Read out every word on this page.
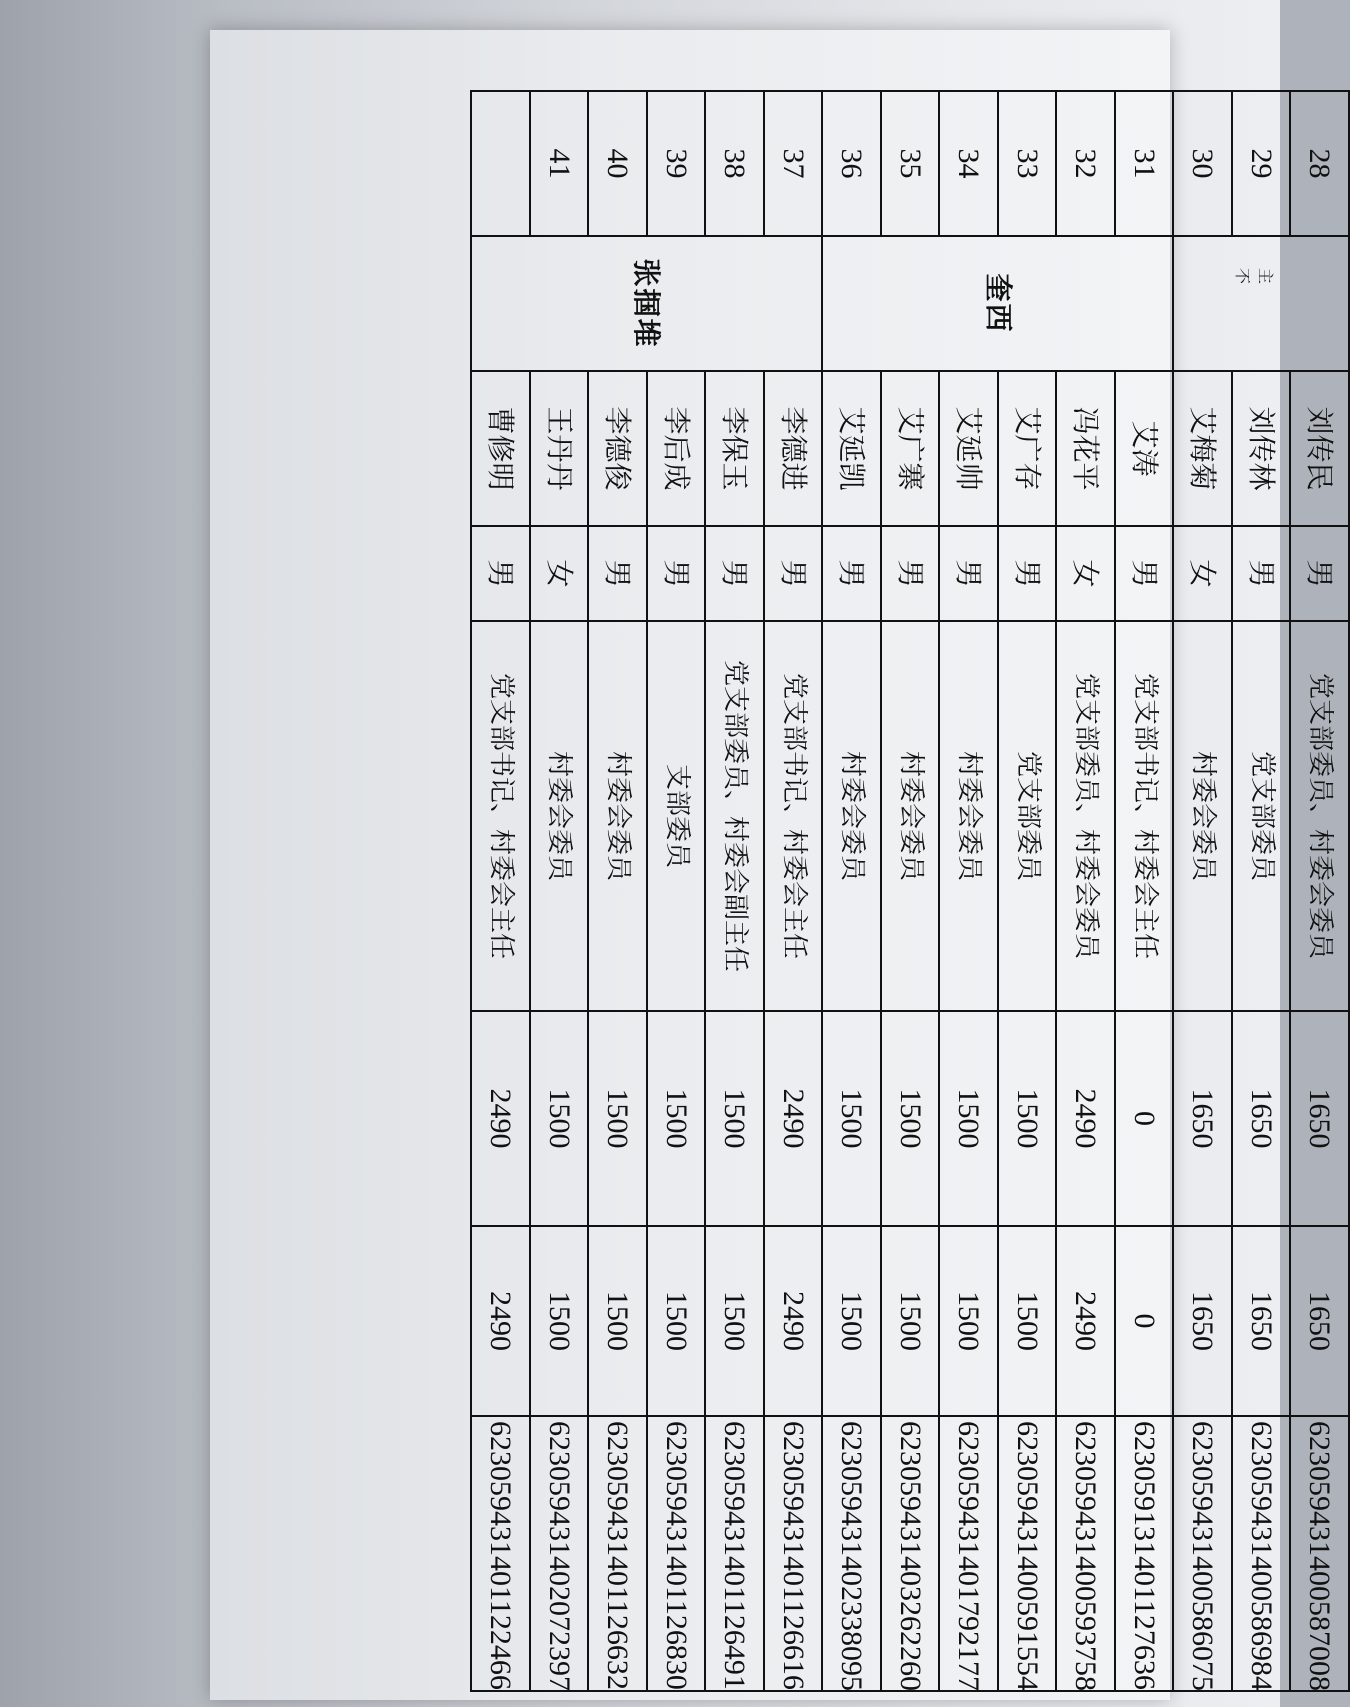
28		刘传民	男	党支部委员、村委会委员	1650	1650	623059431400587008
29		刘传林	男	党支部委员	1650	1650	623059431400586984
30		艾梅菊	女	村委会委员	1650	1650	623059431400586075
31	奎西	艾涛	男	党支部书记、村委会主任	0	0	623059131401127636
32		冯花平	女	党支部委员、村委会委员	2490	2490	623059431400593758
33		艾广存	男	党支部委员	1500	1500	623059431400591554
34		艾延帅	男	村委会委员	1500	1500	623059431401792177
35		艾广寨	男	村委会委员	1500	1500	623059431403262260
36		艾延凯	男	村委会委员	1500	1500	623059431402338095
37	张掴堆	李德进	男	党支部书记、村委会主任	2490	2490	623059431401126616
38		李保玉	男	党支部委员、村委会副主任	1500	1500	623059431401126491
39		李后成	男	支部委员	1500	1500	623059431401126830
40		李德俊	男	村委会委员	1500	1500	623059431401126632
41		王丹丹	女	村委会委员	1500	1500	623059431402072397
		曹修明	男	党支部书记、村委会主任	2490	2490	623059431401122466
主不
